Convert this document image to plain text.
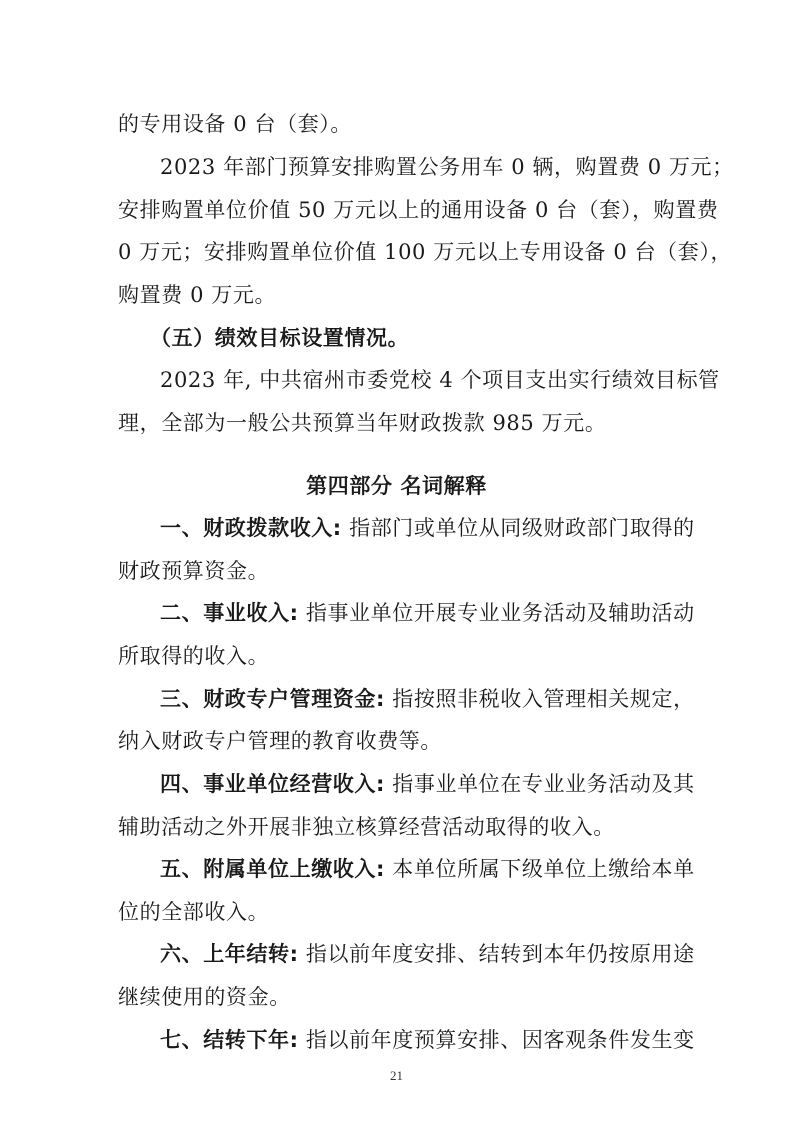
的专用设备 0 台（套）。
2023 年部门预算安排购置公务用车 0 辆，购置费 0 万元；
安排购置单位价值 50 万元以上的通用设备 0 台（套），购置费
0 万元；安排购置单位价值 100 万元以上专用设备 0 台（套），
购置费 0 万元。
（五）绩效目标设置情况。
2023 年, 中共宿州市委党校 4 个项目支出实行绩效目标管
理，全部为一般公共预算当年财政拨款 985 万元。
第四部分 名词解释
一、财政拨款收入: 指部门或单位从同级财政部门取得的
财政预算资金。
二、事业收入: 指事业单位开展专业业务活动及辅助活动
所取得的收入。
三、财政专户管理资金: 指按照非税收入管理相关规定，
纳入财政专户管理的教育收费等。
四、事业单位经营收入: 指事业单位在专业业务活动及其
辅助活动之外开展非独立核算经营活动取得的收入。
五、附属单位上缴收入: 本单位所属下级单位上缴给本单
位的全部收入。
六、上年结转: 指以前年度安排、结转到本年仍按原用途
继续使用的资金。
七、结转下年: 指以前年度预算安排、因客观条件发生变
21
